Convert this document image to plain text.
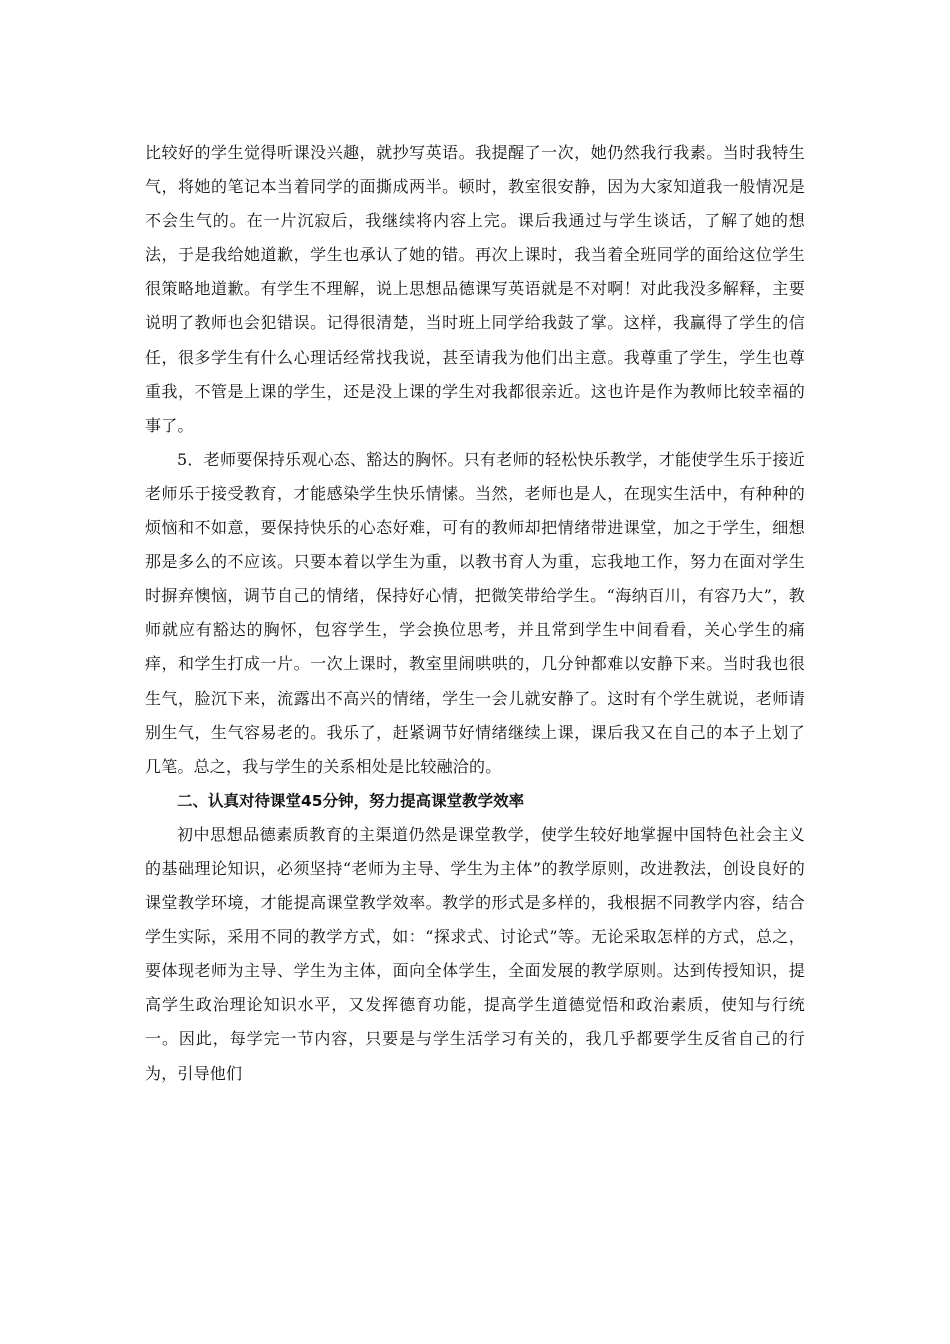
比较好的学生觉得听课没兴趣，就抄写英语。我提醒了一次，她仍然我行我素。当时我特生气，将她的笔记本当着同学的面撕成两半。顿时，教室很安静，因为大家知道我一般情况是不会生气的。在一片沉寂后，我继续将内容上完。课后我通过与学生谈话，了解了她的想法，于是我给她道歉，学生也承认了她的错。再次上课时，我当着全班同学的面给这位学生很策略地道歉。有学生不理解，说上思想品德课写英语就是不对啊！对此我没多解释，主要说明了教师也会犯错误。记得很清楚，当时班上同学给我鼓了掌。这样，我赢得了学生的信任，很多学生有什么心理话经常找我说，甚至请我为他们出主意。我尊重了学生，学生也尊重我，不管是上课的学生，还是没上课的学生对我都很亲近。这也许是作为教师比较幸福的事了。

5．老师要保持乐观心态、豁达的胸怀。只有老师的轻松快乐教学，才能使学生乐于接近老师乐于接受教育，才能感染学生快乐情愫。当然，老师也是人，在现实生活中，有种种的烦恼和不如意，要保持快乐的心态好难，可有的教师却把情绪带进课堂，加之于学生，细想那是多么的不应该。只要本着以学生为重，以教书育人为重，忘我地工作，努力在面对学生时摒弃懊恼，调节自己的情绪，保持好心情，把微笑带给学生。“海纳百川，有容乃大”，教师就应有豁达的胸怀，包容学生，学会换位思考，并且常到学生中间看看，关心学生的痛痒，和学生打成一片。一次上课时，教室里闹哄哄的，几分钟都难以安静下来。当时我也很生气，脸沉下来，流露出不高兴的情绪，学生一会儿就安静了。这时有个学生就说，老师请别生气，生气容易老的。我乐了，赶紧调节好情绪继续上课，课后我又在自己的本子上划了几笔。总之，我与学生的关系相处是比较融洽的。

二、认真对待课堂45分钟，努力提高课堂教学效率

初中思想品德素质教育的主渠道仍然是课堂教学，使学生较好地掌握中国特色社会主义的基础理论知识，必须坚持“老师为主导、学生为主体”的教学原则，改进教法，创设良好的课堂教学环境，才能提高课堂教学效率。教学的形式是多样的，我根据不同教学内容，结合学生实际，采用不同的教学方式，如：“探求式、讨论式”等。无论采取怎样的方式，总之，要体现老师为主导、学生为主体，面向全体学生，全面发展的教学原则。达到传授知识，提高学生政治理论知识水平，又发挥德育功能，提高学生道德觉悟和政治素质，使知与行统一。因此，每学完一节内容，只要是与学生活学习有关的，我几乎都要学生反省自己的行为，引导他们
